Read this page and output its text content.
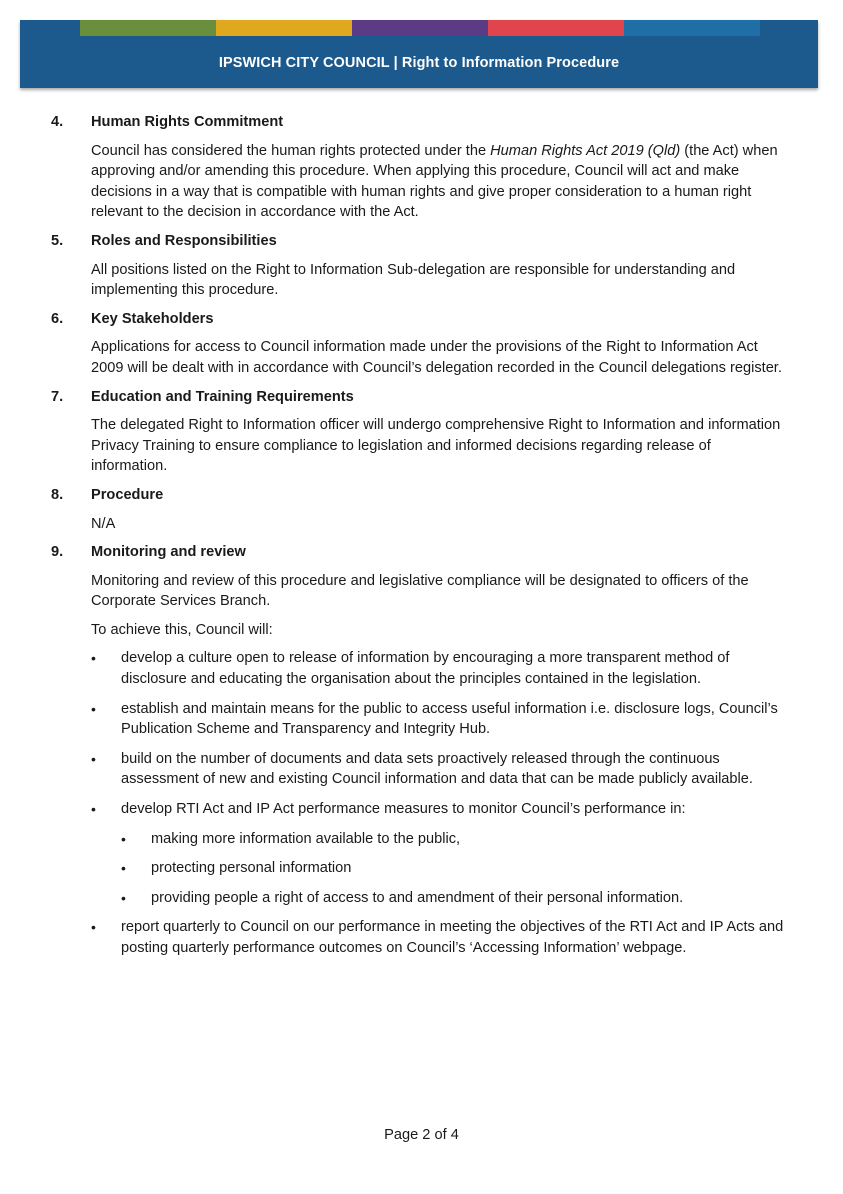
IPSWICH CITY COUNCIL | Right to Information Procedure
4.	Human Rights Commitment
Council has considered the human rights protected under the Human Rights Act 2019 (Qld) (the Act) when approving and/or amending this procedure. When applying this procedure, Council will act and make decisions in a way that is compatible with human rights and give proper consideration to a human right relevant to the decision in accordance with the Act.
5.	Roles and Responsibilities
All positions listed on the Right to Information Sub-delegation are responsible for understanding and implementing this procedure.
6.	Key Stakeholders
Applications for access to Council information made under the provisions of the Right to Information Act 2009 will be dealt with in accordance with Council’s delegation recorded in the Council delegations register.
7.	Education and Training Requirements
The delegated Right to Information officer will undergo comprehensive Right to Information and information Privacy Training to ensure compliance to legislation and informed decisions regarding release of information.
8.	Procedure
N/A
9.	Monitoring and review
Monitoring and review of this procedure and legislative compliance will be designated to officers of the Corporate Services Branch.
To achieve this, Council will:
•	develop a culture open to release of information by encouraging a more transparent method of disclosure and educating the organisation about the principles contained in the legislation.
•	establish and maintain means for the public to access useful information i.e. disclosure logs, Council’s Publication Scheme and Transparency and Integrity Hub.
•	build on the number of documents and data sets proactively released through the continuous assessment of new and existing Council information and data that can be made publicly available.
•	develop RTI Act and IP Act performance measures to monitor Council’s performance in:
•	making more information available to the public,
•	protecting personal information
•	providing people a right of access to and amendment of their personal information.
•	report quarterly to Council on our performance in meeting the objectives of the RTI Act and IP Acts and posting quarterly performance outcomes on Council’s ‘Accessing Information’ webpage.
Page 2 of 4
